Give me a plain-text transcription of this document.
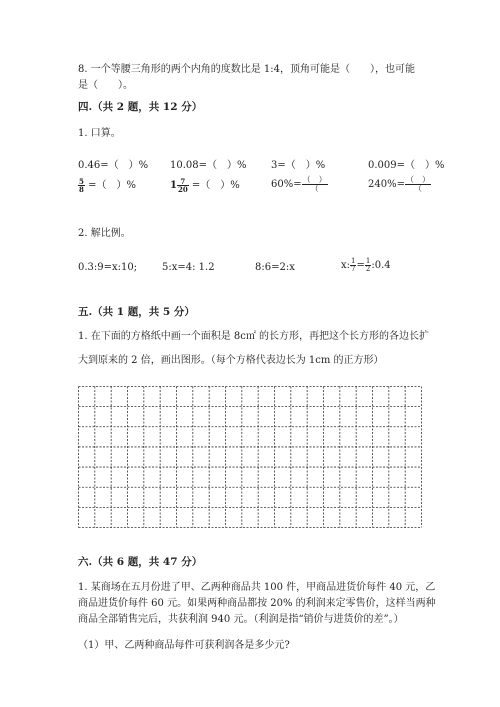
8. 一个等腰三角形的两个内角的度数比是 1:4，顶角可能是（　　），也可能
是（　　）。
四.（共 2 题，共 12 分）
1. 口算。
0.46=（　）% 10.08=（　）% 3=（　）%	0.009=（　）%
$\frac{5}{8}$ =（　）%	$1 \frac{7}{20}$ =（　）%	$60\%= \frac{( )}{(}$	$240\%= \frac{( )}{(}$
2. 解比例。
0.3:9=x:10; 5:x=4: 1.2	8:6=2:x	x: $\frac{1}{7} = \frac{1}{2}$ :0.4
五.（共 1 题，共 5 分）
1. 在下面的方格纸中画一个面积是 8c㎡ 的长方形，再把这个长方形的各边长扩
大到原来的 2 倍，画出图形。（每个方格代表边长为 1cm 的正方形）
六.（共 6 题，共 47 分）
1. 某商场在五月份进了甲、乙两种商品共 100 件，甲商品进货价每件 40 元，乙
商品进货价每件 60 元。如果两种商品都按 20% 的利润来定零售价，这样当两种
商品全部销售完后，共获利润 940 元。（利润是指“销价与进货价的差”。）
（1）甲、乙两种商品每件可获利润各是多少元?
